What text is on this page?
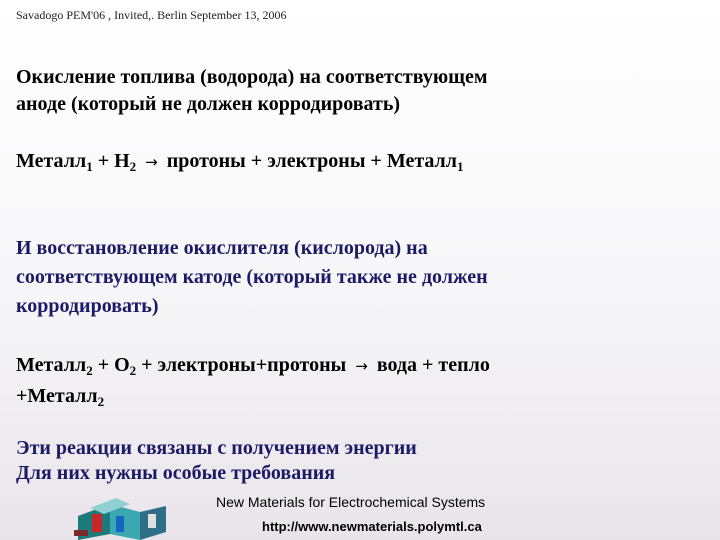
Savadogo PEM'06 , Invited,. Berlin September 13, 2006
Окисление топлива (водорода) на соответствующем
аноде (который не должен корродировать)
Металл$_1$ + $H_2$ → протоны + электроны + Металл$_1$
И восстановление окислителя (кислорода) на
соответствующем катоде (который также не должен
корродировать)
Металл$_2$ + $O_2$ + электроны+протоны → вода + тепло
+Металл$_2$
Эти реакции связаны с получением энергии
Для них нужны особые требования
New Materials for Electrochemical Systems
http://www.newmaterials.polymtl.ca
